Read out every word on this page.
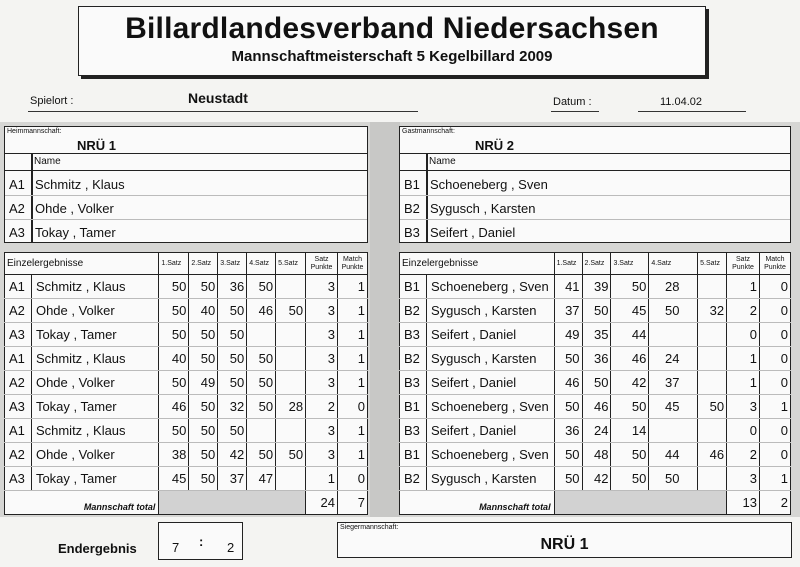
Billardlandesverband Niedersachsen
Mannschaftmeisterschaft 5 Kegelbillard 2009
Spielort :	Neustadt	Datum :	11.04.02
Heimmannschaft:
NRÜ 1
Name
A1 Schmitz , Klaus
A2 Ohde , Volker
A3 Tokay , Tamer
Gastmannschaft:
NRÜ 2
Name
B1 Schoeneberg , Sven
B2 Sygusch , Karsten
B3 Seifert , Daniel
Einzelergebnisse		1.Satz	2.Satz	3.Satz	4.Satz	5.Satz	Satz
Punkte	Match
Punkte
A1	Schmitz , Klaus	50	50	36	50		3	1
A2	Ohde , Volker	50	40	50	46	50	3	1
A3	Tokay , Tamer	50	50	50			3	1
A1	Schmitz , Klaus	40	50	50	50		3	1
A2	Ohde , Volker	50	49	50	50		3	1
A3	Tokay , Tamer	46	50	32	50	28	2	0
A1	Schmitz , Klaus	50	50	50			3	1
A2	Ohde , Volker	38	50	42	50	50	3	1
A3	Tokay , Tamer	45	50	37	47		1	0
Mannschaft total							24	7
Einzelergebnisse		1.Satz	2.Satz	3.Satz	4.Satz	5.Satz	Satz
Punkte	Match
Punkte
B1	Schoeneberg , Sven	41	39	50	28		1	0
B2	Sygusch , Karsten	37	50	45	50	32	2	0
B3	Seifert , Daniel	49	35	44			0	0
B2	Sygusch , Karsten	50	36	46	24		1	0
B3	Seifert , Daniel	46	50	42	37		1	0
B1	Schoeneberg , Sven	50	46	50	45	50	3	1
B3	Seifert , Daniel	36	24	14			0	0
B1	Schoeneberg , Sven	50	48	50	44	46	2	0
B2	Sygusch , Karsten	50	42	50	50		3	1
Mannschaft total							13	2
Endergebnis	7 : 2
Siegermannschaft:
NRÜ 1
